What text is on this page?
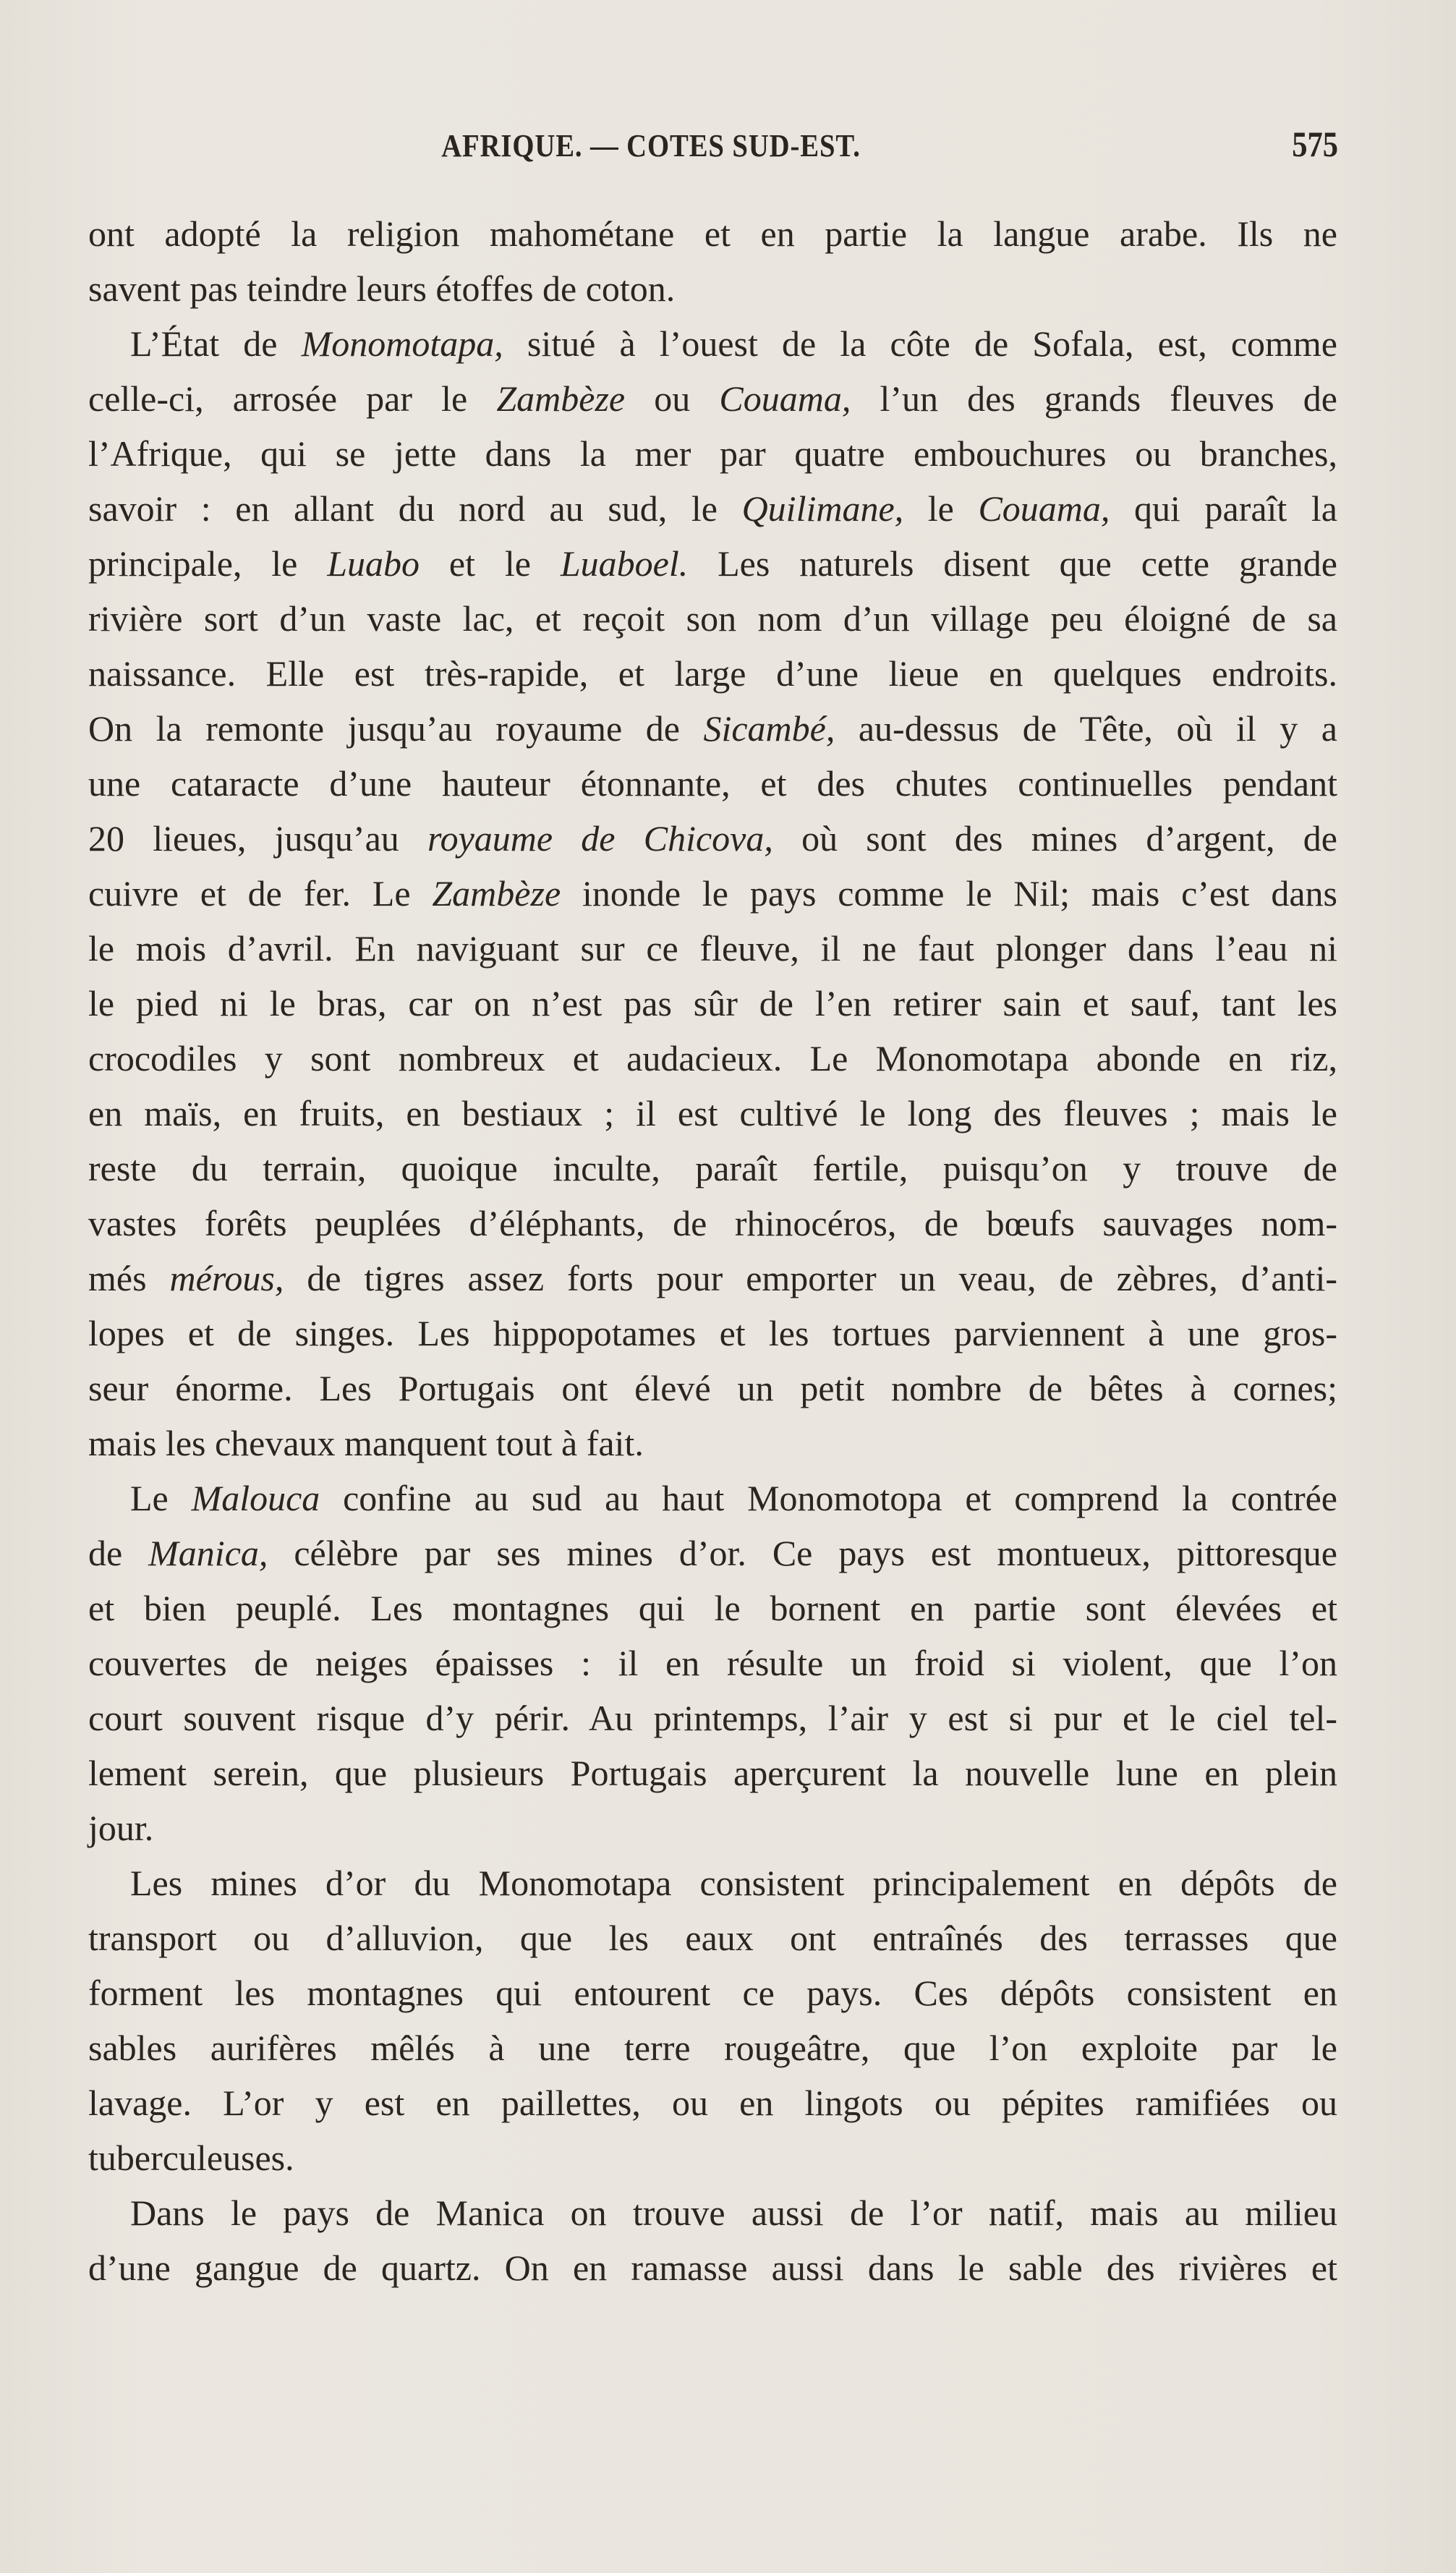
AFRIQUE. — COTES SUD-EST.	575
ont adopté la religion mahométane et en partie la langue arabe. Ils ne
savent pas teindre leurs étoffes de coton.
L’État de Monomotapa, situé à l’ouest de la côte de Sofala, est, comme
celle-ci, arrosée par le Zambèze ou Couama, l’un des grands fleuves de
l’Afrique, qui se jette dans la mer par quatre embouchures ou branches,
savoir : en allant du nord au sud, le Quilimane, le Couama, qui paraît la
principale, le Luabo et le Luaboel. Les naturels disent que cette grande
rivière sort d’un vaste lac, et reçoit son nom d’un village peu éloigné de sa
naissance. Elle est très-rapide, et large d’une lieue en quelques endroits.
On la remonte jusqu’au royaume de Sicambé, au-dessus de Tête, où il y a
une cataracte d’une hauteur étonnante, et des chutes continuelles pendant
20 lieues, jusqu’au royaume de Chicova, où sont des mines d’argent, de
cuivre et de fer. Le Zambèze inonde le pays comme le Nil; mais c’est dans
le mois d’avril. En naviguant sur ce fleuve, il ne faut plonger dans l’eau ni
le pied ni le bras, car on n’est pas sûr de l’en retirer sain et sauf, tant les
crocodiles y sont nombreux et audacieux. Le Monomotapa abonde en riz,
en maïs, en fruits, en bestiaux ; il est cultivé le long des fleuves ; mais le
reste du terrain, quoique inculte, paraît fertile, puisqu’on y trouve de
vastes forêts peuplées d’éléphants, de rhinocéros, de bœufs sauvages nom-
més mérous, de tigres assez forts pour emporter un veau, de zèbres, d’anti-
lopes et de singes. Les hippopotames et les tortues parviennent à une gros-
seur énorme. Les Portugais ont élevé un petit nombre de bêtes à cornes;
mais les chevaux manquent tout à fait.
Le Malouca confine au sud au haut Monomotopa et comprend la contrée
de Manica, célèbre par ses mines d’or. Ce pays est montueux, pittoresque
et bien peuplé. Les montagnes qui le bornent en partie sont élevées et
couvertes de neiges épaisses : il en résulte un froid si violent, que l’on
court souvent risque d’y périr. Au printemps, l’air y est si pur et le ciel tel-
lement serein, que plusieurs Portugais aperçurent la nouvelle lune en plein
jour.
Les mines d’or du Monomotapa consistent principalement en dépôts de
transport ou d’alluvion, que les eaux ont entraînés des terrasses que
forment les montagnes qui entourent ce pays. Ces dépôts consistent en
sables aurifères mêlés à une terre rougeâtre, que l’on exploite par le
lavage. L’or y est en paillettes, ou en lingots ou pépites ramifiées ou
tuberculeuses.
Dans le pays de Manica on trouve aussi de l’or natif, mais au milieu
d’une gangue de quartz. On en ramasse aussi dans le sable des rivières et
